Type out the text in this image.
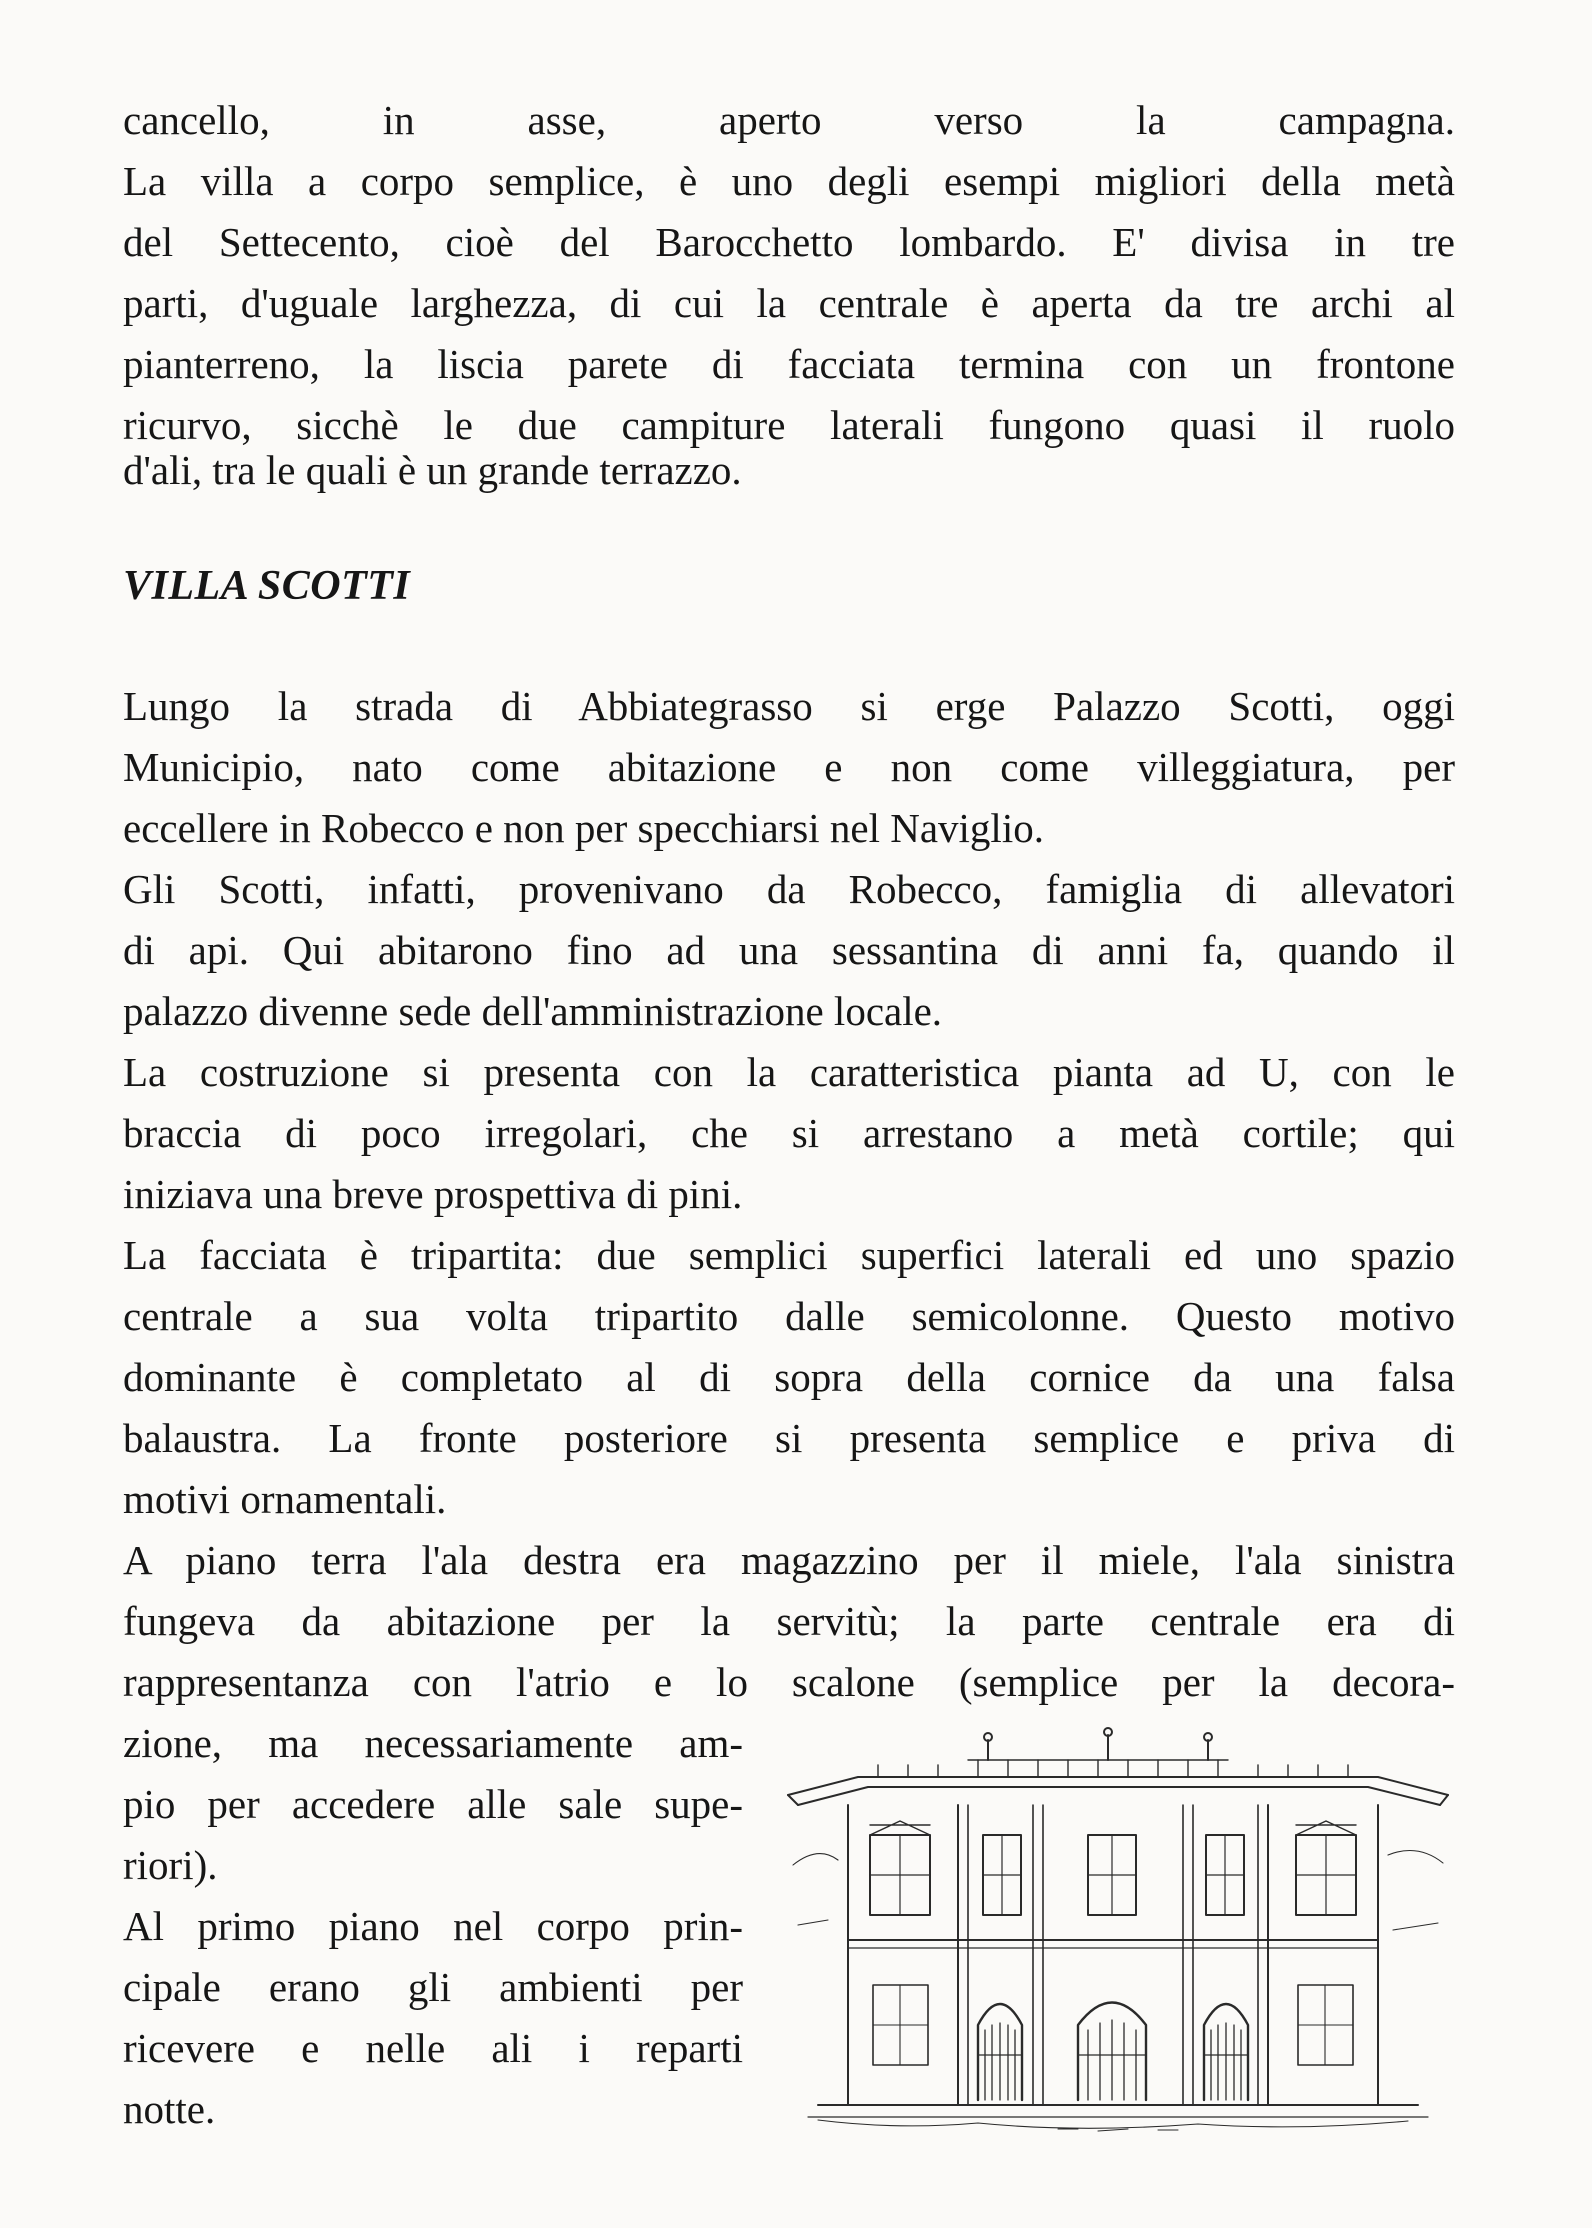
cancello, in asse, aperto verso la campagna.
La villa a corpo semplice, è uno degli esempi migliori della metà
del Settecento, cioè del Barocchetto lombardo. E' divisa in tre
parti, d'uguale larghezza, di cui la centrale è aperta da tre archi al
pianterreno, la liscia parete di facciata termina con un frontone
ricurvo, sicchè le due campiture laterali fungono quasi il ruolo
d'ali, tra le quali è un grande terrazzo.
VILLA SCOTTI
Lungo la strada di Abbiategrasso si erge Palazzo Scotti, oggi
Municipio, nato come abitazione e non come villeggiatura, per
eccellere in Robecco e non per specchiarsi nel Naviglio.
Gli Scotti, infatti, provenivano da Robecco, famiglia di allevatori
di api. Qui abitarono fino ad una sessantina di anni fa, quando il
palazzo divenne sede dell'amministrazione locale.
La costruzione si presenta con la caratteristica pianta ad U, con le
braccia di poco irregolari, che si arrestano a metà cortile; qui
iniziava una breve prospettiva di pini.
La facciata è tripartita: due semplici superfici laterali ed uno spazio
centrale a sua volta tripartito dalle semicolonne. Questo motivo
dominante è completato al di sopra della cornice da una falsa
balaustra. La fronte posteriore si presenta semplice e priva di
motivi ornamentali.
A piano terra l'ala destra era magazzino per il miele, l'ala sinistra
fungeva da abitazione per la servitù; la parte centrale era di
rappresentanza con l'atrio e lo scalone (semplice per la decora-
zione, ma necessariamente am-
pio per accedere alle sale supe-
riori).
Al primo piano nel corpo prin-
cipale erano gli ambienti per
ricevere e nelle ali i reparti
notte.
